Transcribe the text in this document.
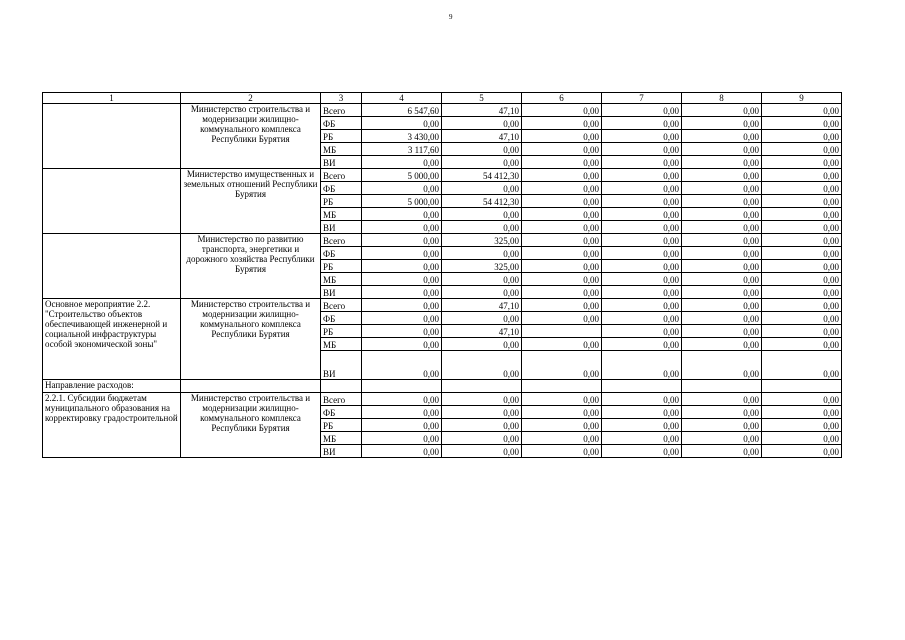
9
1	2	3	4	5	6	7	8	9
	Министерство строительства и модернизации жилищно-коммунального комплекса Республики Бурятия	Всего	6 547,60	47,10	0,00	0,00	0,00	0,00
		ФБ	0,00	0,00	0,00	0,00	0,00	0,00
		РБ	3 430,00	47,10	0,00	0,00	0,00	0,00
		МБ	3 117,60	0,00	0,00	0,00	0,00	0,00
		ВИ	0,00	0,00	0,00	0,00	0,00	0,00
	Министерство имущественных и земельных отношений Республики Бурятия	Всего	5 000,00	54 412,30	0,00	0,00	0,00	0,00
		ФБ	0,00	0,00	0,00	0,00	0,00	0,00
		РБ	5 000,00	54 412,30	0,00	0,00	0,00	0,00
		МБ	0,00	0,00	0,00	0,00	0,00	0,00
		ВИ	0,00	0,00	0,00	0,00	0,00	0,00
	Министерство по развитию транспорта, энергетики и дорожного хозяйства Республики Бурятия	Всего	0,00	325,00	0,00	0,00	0,00	0,00
		ФБ	0,00	0,00	0,00	0,00	0,00	0,00
		РБ	0,00	325,00	0,00	0,00	0,00	0,00
		МБ	0,00	0,00	0,00	0,00	0,00	0,00
		ВИ	0,00	0,00	0,00	0,00	0,00	0,00
Основное мероприятие 2.2. "Строительство объектов обеспечивающей инженерной и социальной инфраструктуры особой экономической зоны"	Министерство строительства и модернизации жилищно-коммунального комплекса Республики Бурятия	Всего	0,00	47,10	0,00	0,00	0,00	0,00
		ФБ	0,00	0,00	0,00	0,00	0,00	0,00
		РБ	0,00	47,10		0,00	0,00	0,00
		МБ	0,00	0,00	0,00	0,00	0,00	0,00
		ВИ	0,00	0,00	0,00	0,00	0,00	0,00
Направление расходов:								
2.2.1. Субсидии бюджетам муниципального образования на корректировку градостроительной	Министерство строительства и модернизации жилищно-коммунального комплекса Республики Бурятия	Всего	0,00	0,00	0,00	0,00	0,00	0,00
		ФБ	0,00	0,00	0,00	0,00	0,00	0,00
		РБ	0,00	0,00	0,00	0,00	0,00	0,00
		МБ	0,00	0,00	0,00	0,00	0,00	0,00
		ВИ	0,00	0,00	0,00	0,00	0,00	0,00
